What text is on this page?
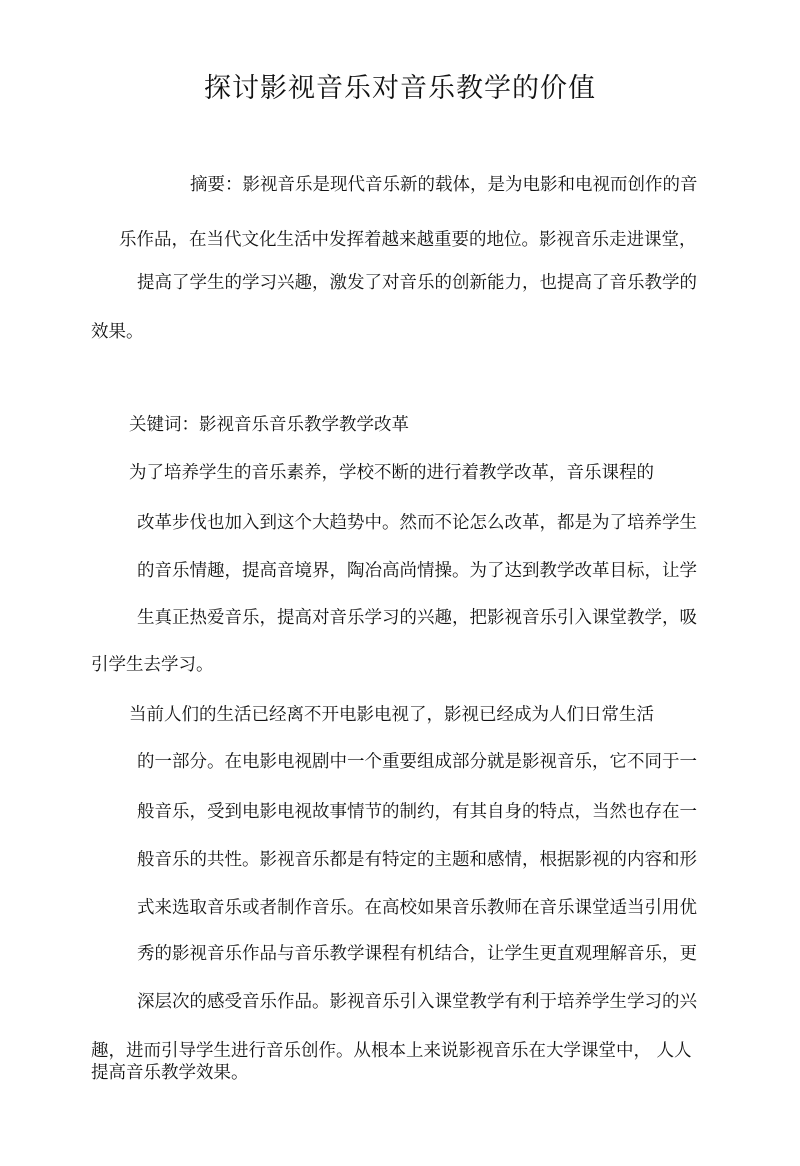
探讨影视音乐对音乐教学的价值
摘要：影视音乐是现代音乐新的载体，是为电影和电视而创作的音
乐作品，在当代文化生活中发挥着越来越重要的地位。影视音乐走进课堂，
提高了学生的学习兴趣，激发了对音乐的创新能力，也提高了音乐教学的
效果。
关键词：影视音乐音乐教学教学改革
为了培养学生的音乐素养，学校不断的进行着教学改革，音乐课程的
改革步伐也加入到这个大趋势中。然而不论怎么改革，都是为了培养学生
的音乐情趣，提高音境界，陶冶高尚情操。为了达到教学改革目标，让学
生真正热爱音乐，提高对音乐学习的兴趣，把影视音乐引入课堂教学，吸
引学生去学习。
当前人们的生活已经离不开电影电视了，影视已经成为人们日常生活
的一部分。在电影电视剧中一个重要组成部分就是影视音乐，它不同于一
般音乐，受到电影电视故事情节的制约，有其自身的特点，当然也存在一
般音乐的共性。影视音乐都是有特定的主题和感情，根据影视的内容和形
式来选取音乐或者制作音乐。在高校如果音乐教师在音乐课堂适当引用优
秀的影视音乐作品与音乐教学课程有机结合，让学生更直观理解音乐，更
深层次的感受音乐作品。影视音乐引入课堂教学有利于培养学生学习的兴
趣，进而引导学生进行音乐创作。从根本上来说影视音乐在大学课堂中， 人人
提高音乐教学效果。
